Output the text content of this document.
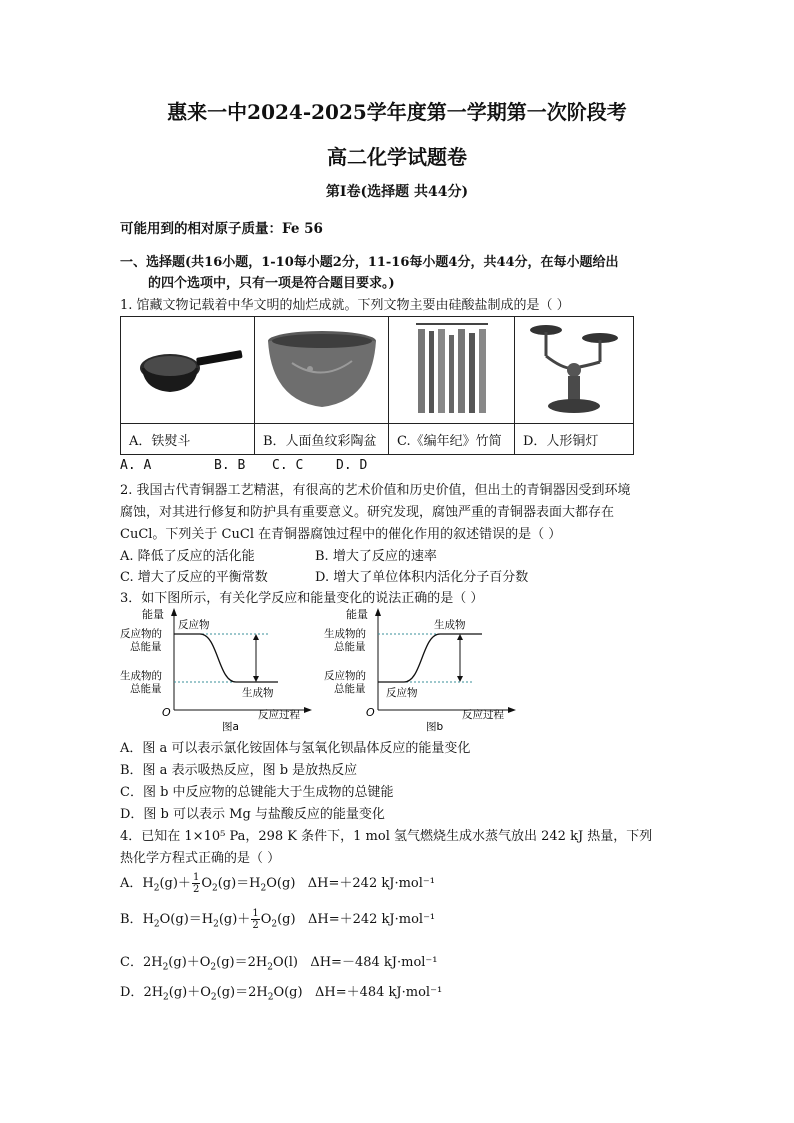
惠来一中2024-2025学年度第一学期第一次阶段考
高二化学试题卷
第Ⅰ卷(选择题 共44分)
可能用到的相对原子质量：Fe 56
一、选择题(共16小题，1-10每小题2分，11-16每小题4分，共44分，在每小题给出
的四个选项中，只有一项是符合题目要求。)
1. 馆藏文物记载着中华文明的灿烂成就。下列文物主要由硅酸盐制成的是（ ）

A．铁熨斗	B．人面鱼纹彩陶盆	C.《编年纪》竹简	D．人形铜灯
A. A	B. B C. C	D. D
2. 我国古代青铜器工艺精湛，有很高的艺术价值和历史价值，但出土的青铜器因受到环境
腐蚀，对其进行修复和防护具有重要意义。研究发现，腐蚀严重的青铜器表面大都存在
CuCl。下列关于 CuCl 在青铜器腐蚀过程中的催化作用的叙述错误的是（ ）
A. 降低了反应的活化能	B. 增大了反应的速率
C. 增大了反应的平衡常数	D. 增大了单位体积内活化分子百分数
3．如下图所示，有关化学反应和能量变化的说法正确的是（ ）
能量
反应物的
总能量
生成物的
总能量
反应物
生成物
O	反应过程
图a
能量
生成物的
总能量
反应物的
总能量 反应物
生成物
O	反应过程
图b
A．图 a 可以表示氯化铵固体与氢氧化钡晶体反应的能量变化
B．图 a 表示吸热反应，图 b 是放热反应
C．图 b 中反应物的总键能大于生成物的总键能
D．图 b 可以表示 Mg 与盐酸反应的能量变化
4．已知在 1×10⁵ Pa，298 K 条件下，1 mol 氢气燃烧生成水蒸气放出 242 kJ 热量，下列
热化学方程式正确的是（ ）
A．$H_2(g)+ \frac{1}{2} O_2(g)=H_2O(g)$   ΔH=＋242 kJ·mol⁻¹
B．$H_2O(g)=H_2(g)+ \frac{1}{2} O_2(g)$   ΔH=＋242 kJ·mol⁻¹
C．$2H_2(g)+O_2(g)=2H_2O(l)$   ΔH=－484 kJ·mol⁻¹
D．$2H_2(g)+O_2(g)=2H_2O(g)$   ΔH=＋484 kJ·mol⁻¹
